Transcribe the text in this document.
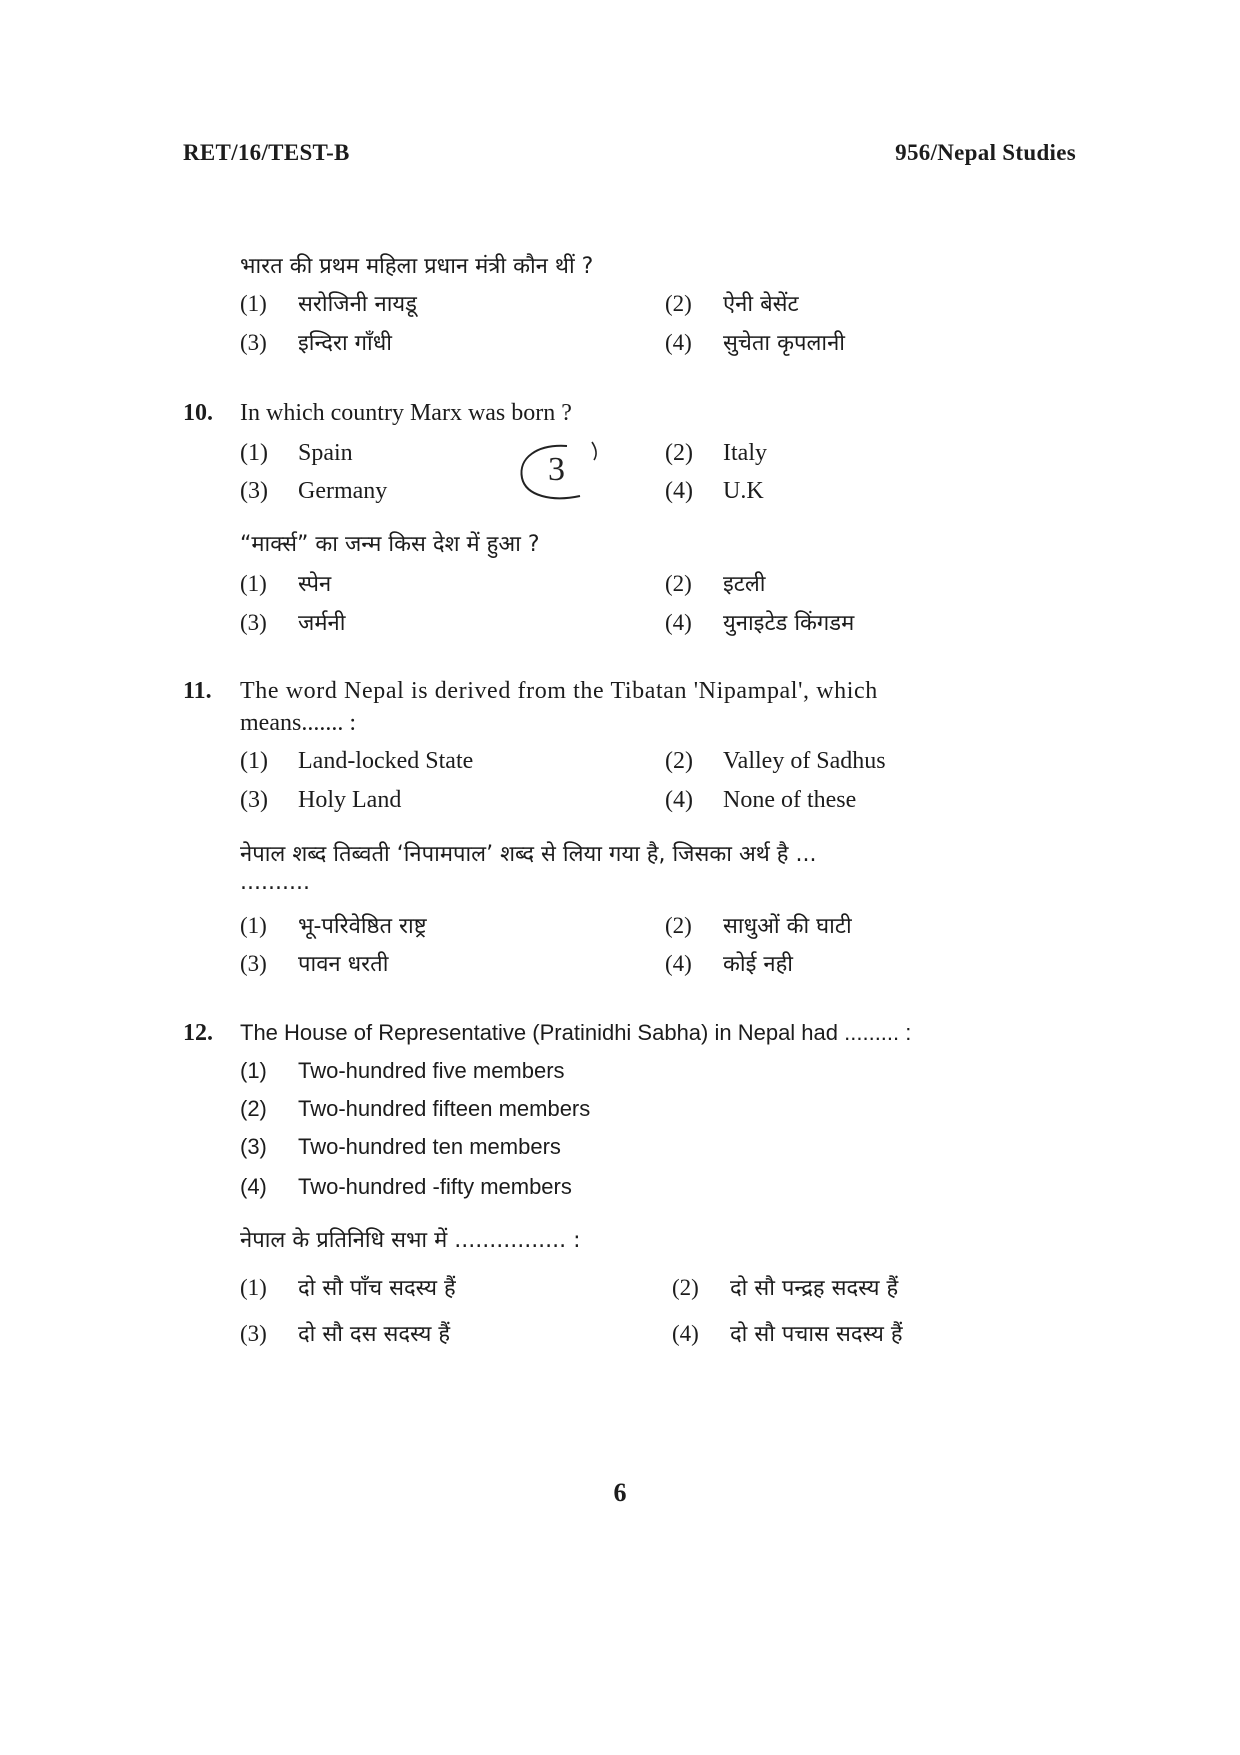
RET/16/TEST-B	956/Nepal Studies
भारत की प्रथम महिला प्रधान मंत्री कौन थीं ?
(1) सरोजिनी नायडू	(2) ऐनी बेसेंट
(3) इन्दिरा गाँधी	(4) सुचेता कृपलानी
10. In which country Marx was born ?
(1) Spain	(2) Italy
(3) Germany	(4) U.K
3
“मार्क्स” का जन्म किस देश में हुआ ?
(1) स्पेन	(2) इटली
(3) जर्मनी	(4) युनाइटेड किंगडम
11. The word Nepal is derived from the Tibatan 'Nipampal', which
means....... :
(1) Land-locked State	(2) Valley of Sadhus
(3) Holy Land	(4) None of these
नेपाल शब्द तिब्वती ‘निपामपाल’ शब्द से लिया गया है, जिसका अर्थ है ...
..........
(1) भू-परिवेष्ठित राष्ट्र	(2) साधुओं की घाटी
(3) पावन धरती	(4) कोई नही
12. The House of Representative (Pratinidhi Sabha) in Nepal had ......... :
(1) Two-hundred five members
(2) Two-hundred fifteen members
(3) Two-hundred ten members
(4) Two-hundred -fifty members
नेपाल के प्रतिनिधि सभा में ................ :
(1) दो सौ पाँच सदस्य हैं	(2) दो सौ पन्द्रह सदस्य हैं
(3) दो सौ दस सदस्य हैं	(4) दो सौ पचास सदस्य हैं
6
